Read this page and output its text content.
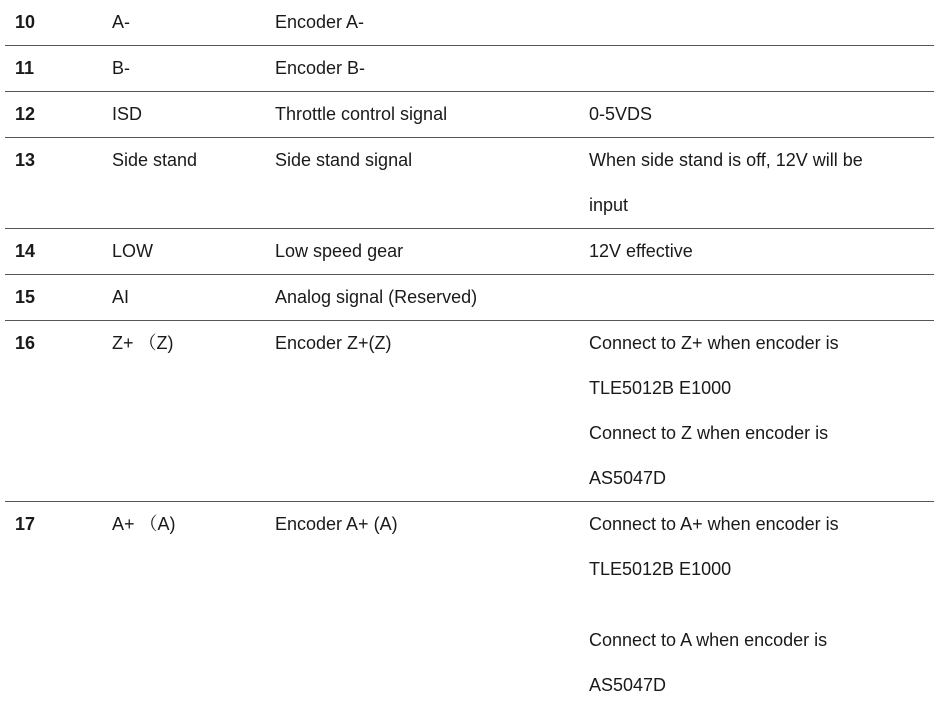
10	A-	Encoder A-
11	B-	Encoder B-
12	ISD	Throttle control signal	0-5VDS
13	Side stand	Side stand signal	When side stand is off, 12V will be
input
14	LOW	Low speed gear	12V effective
15	AI	Analog signal (Reserved)
16	Z+ （Z)	Encoder Z+(Z)	Connect to Z+ when encoder is
TLE5012B E1000
Connect to Z when encoder is
AS5047D
17	A+ （A)	Encoder A+ (A)	Connect to A+ when encoder is
TLE5012B E1000
Connect to A when encoder is
AS5047D
